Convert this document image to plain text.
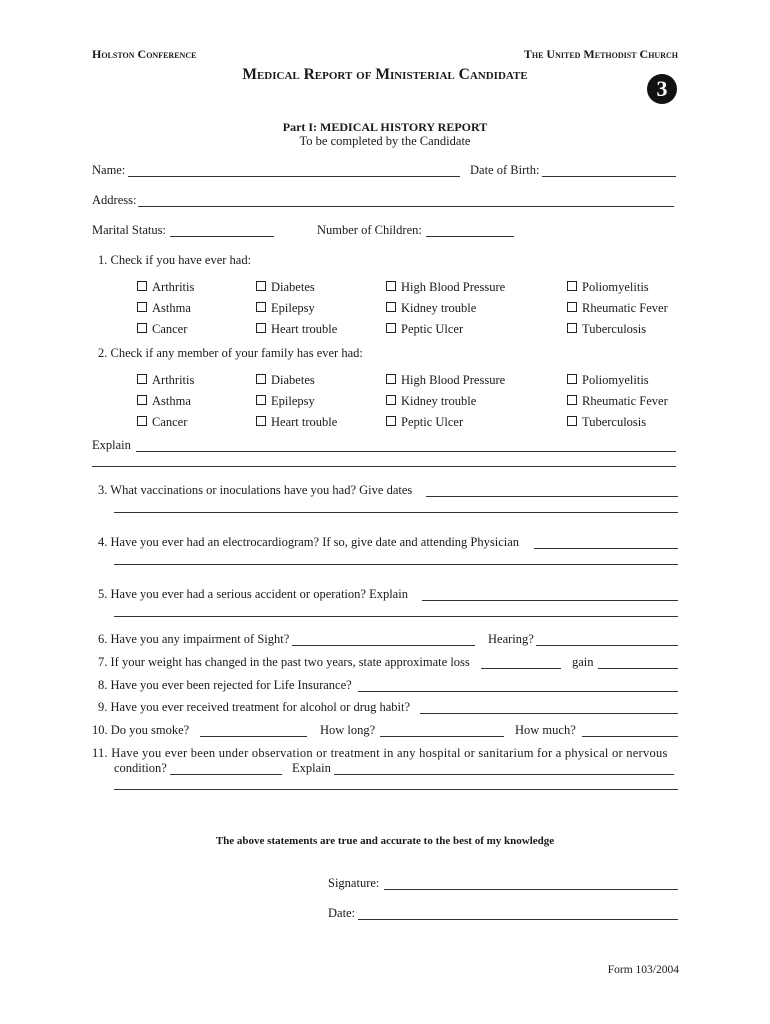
Holston Conference	The United Methodist Church
Medical Report of Ministerial Candidate
3
Part I: MEDICAL HISTORY REPORT
To be completed by the Candidate
Name:	Date of Birth:
Address:
Marital Status:	Number of Children:
1. Check if you have ever had:
Arthritis	Diabetes	High Blood Pressure	Poliomyelitis
Asthma	Epilepsy	Kidney trouble	Rheumatic Fever
Cancer	Heart trouble	Peptic Ulcer	Tuberculosis
2. Check if any member of your family has ever had:
Arthritis	Diabetes	High Blood Pressure	Poliomyelitis
Asthma	Epilepsy	Kidney trouble	Rheumatic Fever
Cancer	Heart trouble	Peptic Ulcer	Tuberculosis
Explain
3. What vaccinations or inoculations have you had? Give dates
4. Have you ever had an electrocardiogram? If so, give date and attending Physician
5. Have you ever had a serious accident or operation? Explain
6. Have you any impairment of Sight?	Hearing?
7. If your weight has changed in the past two years, state approximate loss	gain
8. Have you ever been rejected for Life Insurance?
9. Have you ever received treatment for alcohol or drug habit?
10. Do you smoke?	How long?	How much?
11. Have you ever been under observation or treatment in any hospital or sanitarium for a physical or nervous
condition?	Explain
The above statements are true and accurate to the best of my knowledge
Signature:
Date:
Form 103/2004
